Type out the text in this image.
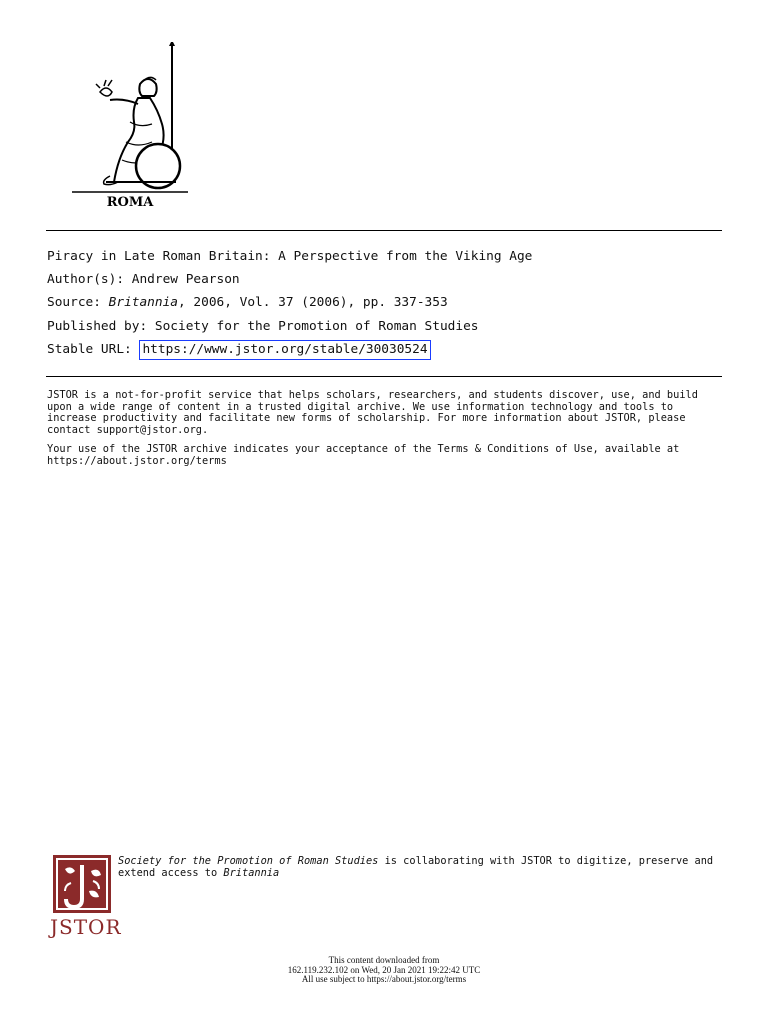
ROMA
Piracy in Late Roman Britain: A Perspective from the Viking Age
Author(s): Andrew Pearson
Source: Britannia, 2006, Vol. 37 (2006), pp. 337-353
Published by: Society for the Promotion of Roman Studies
Stable URL: https://www.jstor.org/stable/30030524

JSTOR is a not-for-profit service that helps scholars, researchers, and students discover, use, and build upon a wide range of content in a trusted digital archive. We use information technology and tools to increase productivity and facilitate new forms of scholarship. For more information about JSTOR, please contact support@jstor.org.

Your use of the JSTOR archive indicates your acceptance of the Terms & Conditions of Use, available at https://about.jstor.org/terms

JSTOR
Society for the Promotion of Roman Studies is collaborating with JSTOR to digitize, preserve and extend access to Britannia
This content downloaded from
162.119.232.102 on Wed, 20 Jan 2021 19:22:42 UTC
All use subject to https://about.jstor.org/terms
